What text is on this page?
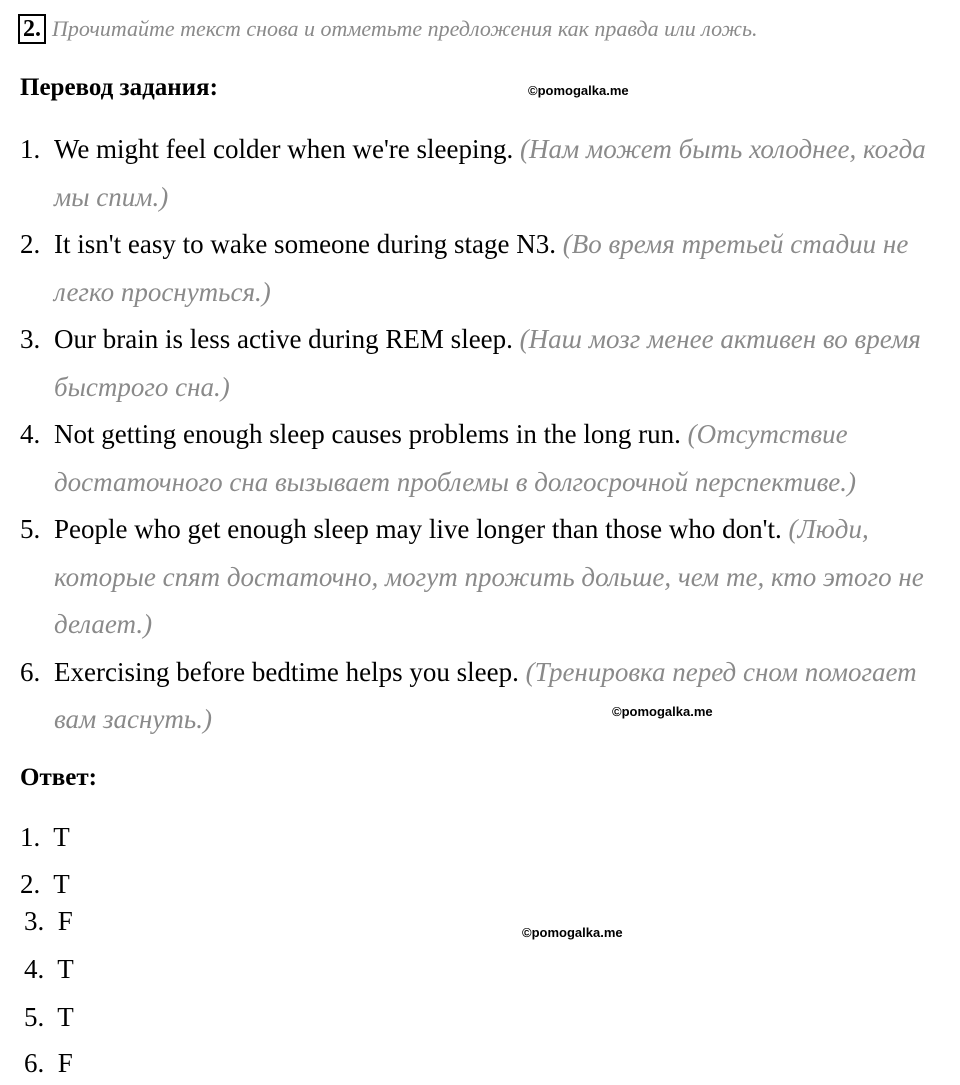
2. Прочитайте текст снова и отметьте предложения как правда или ложь.
Перевод задания:	©pomogalka.me
1. We might feel colder when we're sleeping. (Нам может быть холоднее, когда мы спим.)
2. It isn't easy to wake someone during stage N3. (Во время третьей стадии не легко проснуться.)
3. Our brain is less active during REM sleep. (Наш мозг менее активен во время быстрого сна.)
4. Not getting enough sleep causes problems in the long run. (Отсутствие достаточного сна вызывает проблемы в долгосрочной перспективе.)
5. People who get enough sleep may live longer than those who don't. (Люди, которые спят достаточно, могут прожить дольше, чем те, кто этого не делает.)
6. Exercising before bedtime helps you sleep. (Тренировка перед сном помогает вам заснуть.)	©pomogalka.me
Ответ:
1. T
2. T
3. F
4. T
5. T
6. F
©pomogalka.me
